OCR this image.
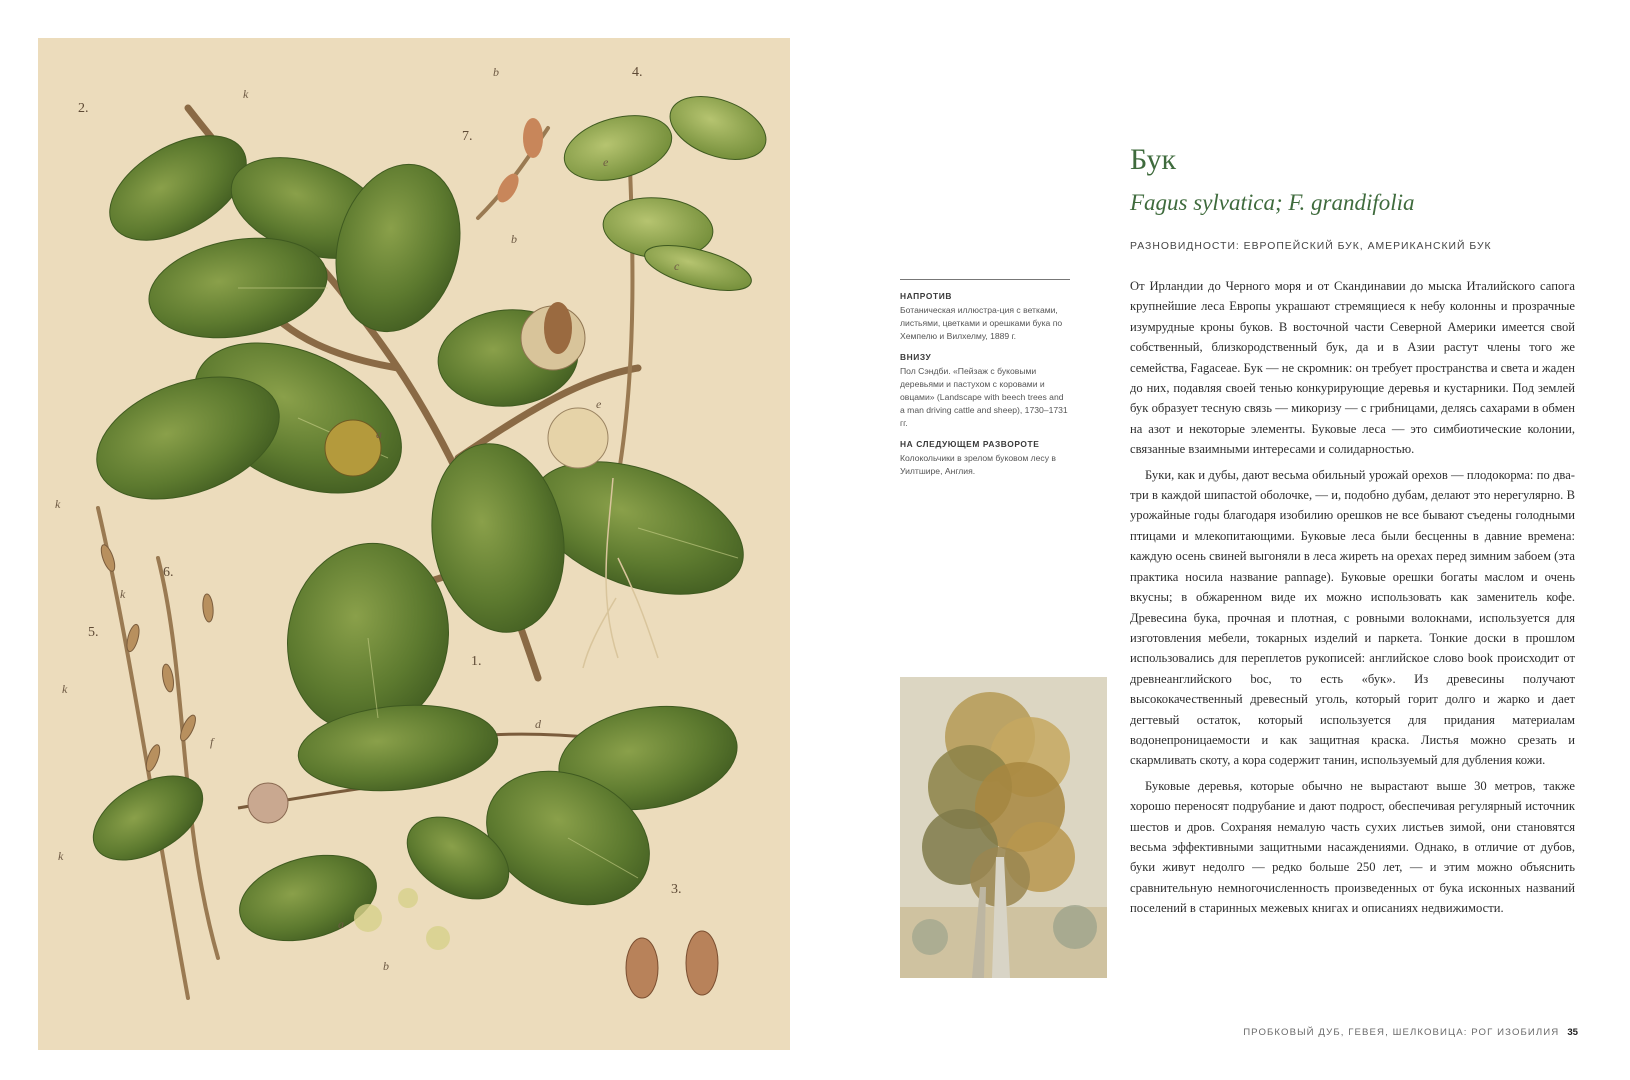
2.
7.
4.
6.
5.
1.
3.
k
b
e
c
b
a
e
k
k
k
f
d
k
a
b
НАПРОТИВ
Ботаническая иллюстра-ция с ветками, листьями, цветками и орешками бука по Хемпелю и Вилхелму, 1889 г.
ВНИЗУ
Пол Сэндби. «Пейзаж с буковыми деревьями и пастухом с коровами и овцами» (Landscape with beech trees and a man driving cattle and sheep), 1730–1731 гг.
НА СЛЕДУЮЩЕМ РАЗВОРОТЕ
Колокольчики в зрелом буковом лесу в Уилтшире, Англия.
Бук
Fagus sylvatica; F. grandifolia
РАЗНОВИДНОСТИ: ЕВРОПЕЙСКИЙ БУК, АМЕРИКАНСКИЙ БУК

От Ирландии до Черного моря и от Скандинавии до мыска Италийского сапога крупнейшие леса Европы украшают стремящиеся к небу колонны и прозрачные изумрудные кроны буков. В восточной части Северной Америки имеется свой собственный, близкородственный бук, да и в Азии растут члены того же семейства, Fagaceae. Бук — не скромник: он требует пространства и света и жаден до них, подавляя своей тенью конкурирующие деревья и кустарники. Под землей бук образует тесную связь — микоризу — с грибницами, делясь сахарами в обмен на азот и некоторые элементы. Буковые леса — это симбиотические колонии, связанные взаимными интересами и солидарностью.

Буки, как и дубы, дают весьма обильный урожай орехов — плодокорма: по два-три в каждой шипастой оболочке, — и, подобно дубам, делают это нерегулярно. В урожайные годы благодаря изобилию орешков не все бывают съедены голодными птицами и млекопитающими. Буковые леса были бесценны в давние времена: каждую осень свиней выгоняли в леса жиреть на орехах перед зимним забоем (эта практика носила название pannage). Буковые орешки богаты маслом и очень вкусны; в обжаренном виде их можно использовать как заменитель кофе. Древесина бука, прочная и плотная, с ровными волокнами, используется для изготовления мебели, токарных изделий и паркета. Тонкие доски в прошлом использовались для переплетов рукописей: английское слово book происходит от древнеанглийского boc, то есть «бук». Из древесины получают высококачественный древесный уголь, который горит долго и жарко и дает дегтевый остаток, который используется для придания материалам водонепроницаемости и как защитная краска. Листья можно срезать и скармливать скоту, а кора содержит танин, используемый для дубления кожи.

Буковые деревья, которые обычно не вырастают выше 30 метров, также хорошо переносят подрубание и дают подрост, обеспечивая регулярный источник шестов и дров. Сохраняя немалую часть сухих листьев зимой, они становятся весьма эффективными защитными насаждениями. Однако, в отличие от дубов, буки живут недолго — редко больше 250 лет, — и этим можно объяснить сравнительную немногочисленность произведенных от бука исконных названий поселений в старинных межевых книгах и описаниях недвижимости.

ПРОБКОВЫЙ ДУБ, ГЕВЕЯ, ШЕЛКОВИЦА: РОГ ИЗОБИЛИЯ 35
